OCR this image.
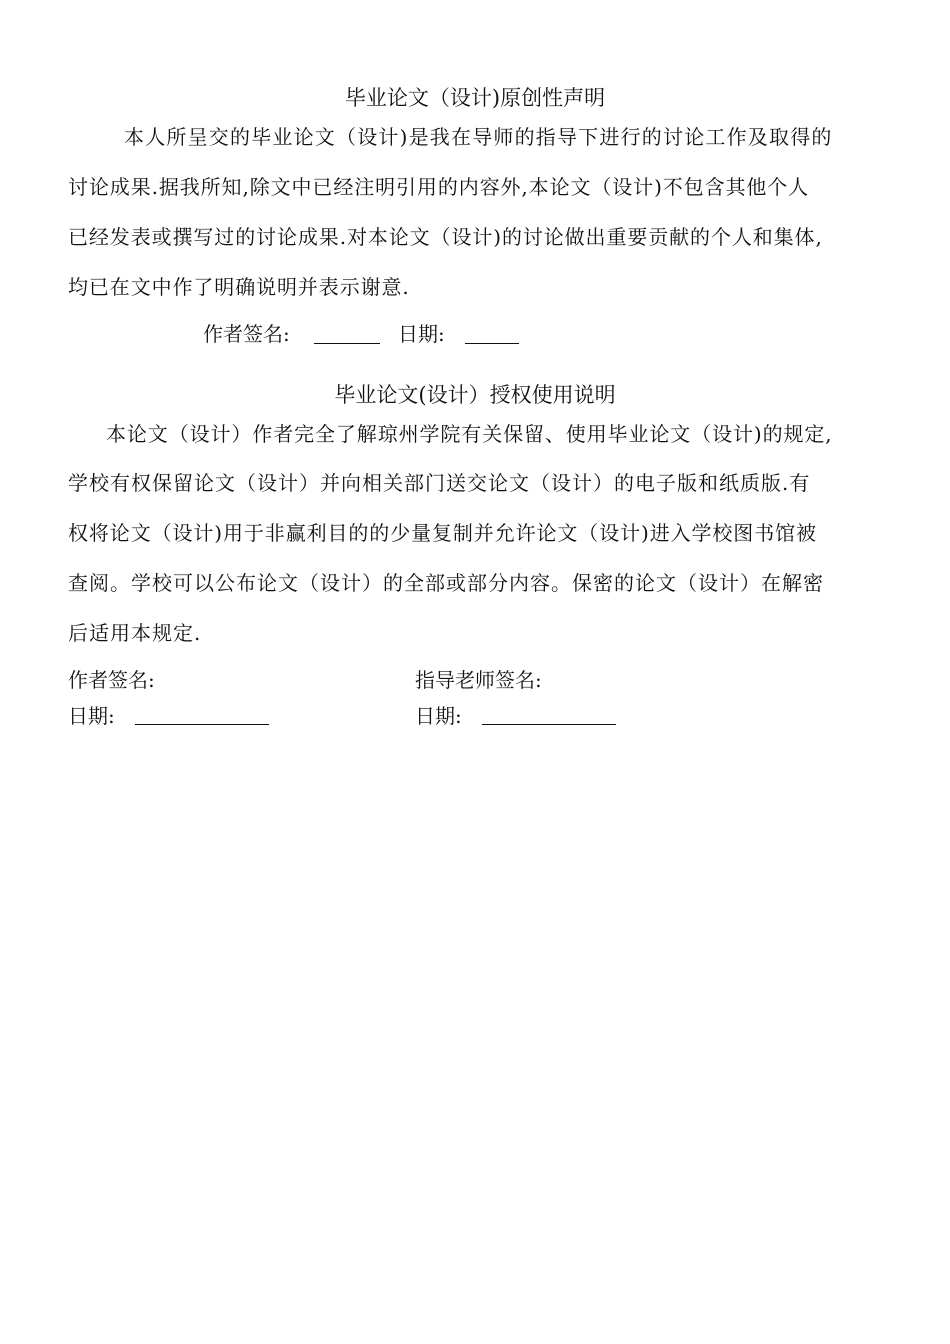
毕业论文（设计)原创性声明
本人所呈交的毕业论文（设计)是我在导师的指导下进行的讨论工作及取得的
讨论成果.据我所知,除文中已经注明引用的内容外,本论文（设计)不包含其他个人
已经发表或撰写过的讨论成果.对本论文（设计)的讨论做出重要贡献的个人和集体,
均已在文中作了明确说明并表示谢意.
作者签名:	日期:
毕业论文(设计）授权使用说明
本论文（设计）作者完全了解琼州学院有关保留、使用毕业论文（设计)的规定,
学校有权保留论文（设计）并向相关部门送交论文（设计）的电子版和纸质版.有
权将论文（设计)用于非赢利目的的少量复制并允许论文（设计)进入学校图书馆被
查阅。学校可以公布论文（设计）的全部或部分内容。保密的论文（设计）在解密
后适用本规定.
作者签名:	指导老师签名:
日期:	日期:
